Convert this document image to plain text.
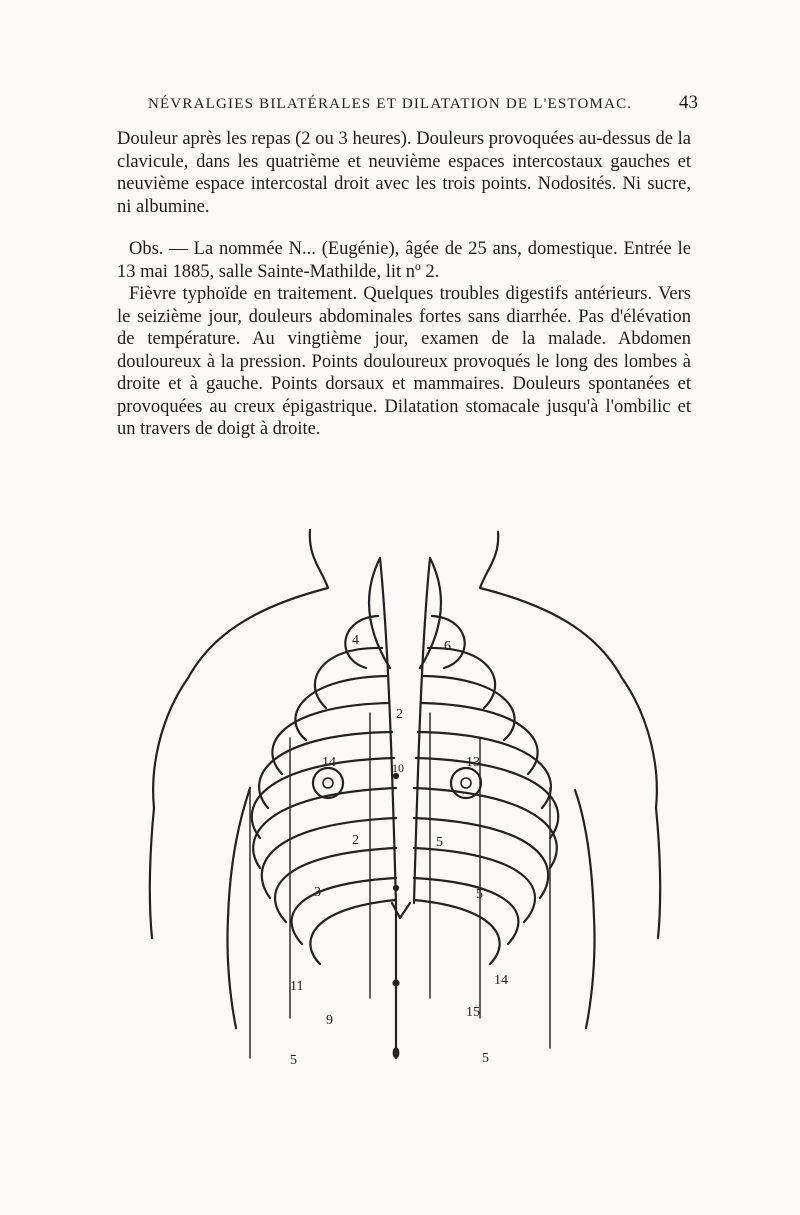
NÉVRALGIES BILATÉRALES ET DILATATION DE L'ESTOMAC. 43

Douleur après les repas (2 ou 3 heures). Douleurs provoquées au-dessus de la clavicule, dans les quatrième et neuvième espaces intercostaux gauches et neuvième espace intercostal droit avec les trois points. Nodosités. Ni sucre, ni albumine.

Obs. — La nommée N... (Eugénie), âgée de 25 ans, domestique. Entrée le 13 mai 1885, salle Sainte-Mathilde, lit nº 2.

Fièvre typhoïde en traitement. Quelques troubles digestifs antérieurs. Vers le seizième jour, douleurs abdominales fortes sans diarrhée. Pas d'élévation de température. Au vingtième jour, examen de la malade. Abdomen douloureux à la pression. Points douloureux provoqués le long des lombes à droite et à gauche. Points dorsaux et mammaires. Douleurs spontanées et provoquées au creux épigastrique. Dilatation stomacale jusqu'à l'ombilic et un travers de doigt à droite.

4	6
2
14	13
10
2	5
3	5
11	14
9
15
5	0	5
